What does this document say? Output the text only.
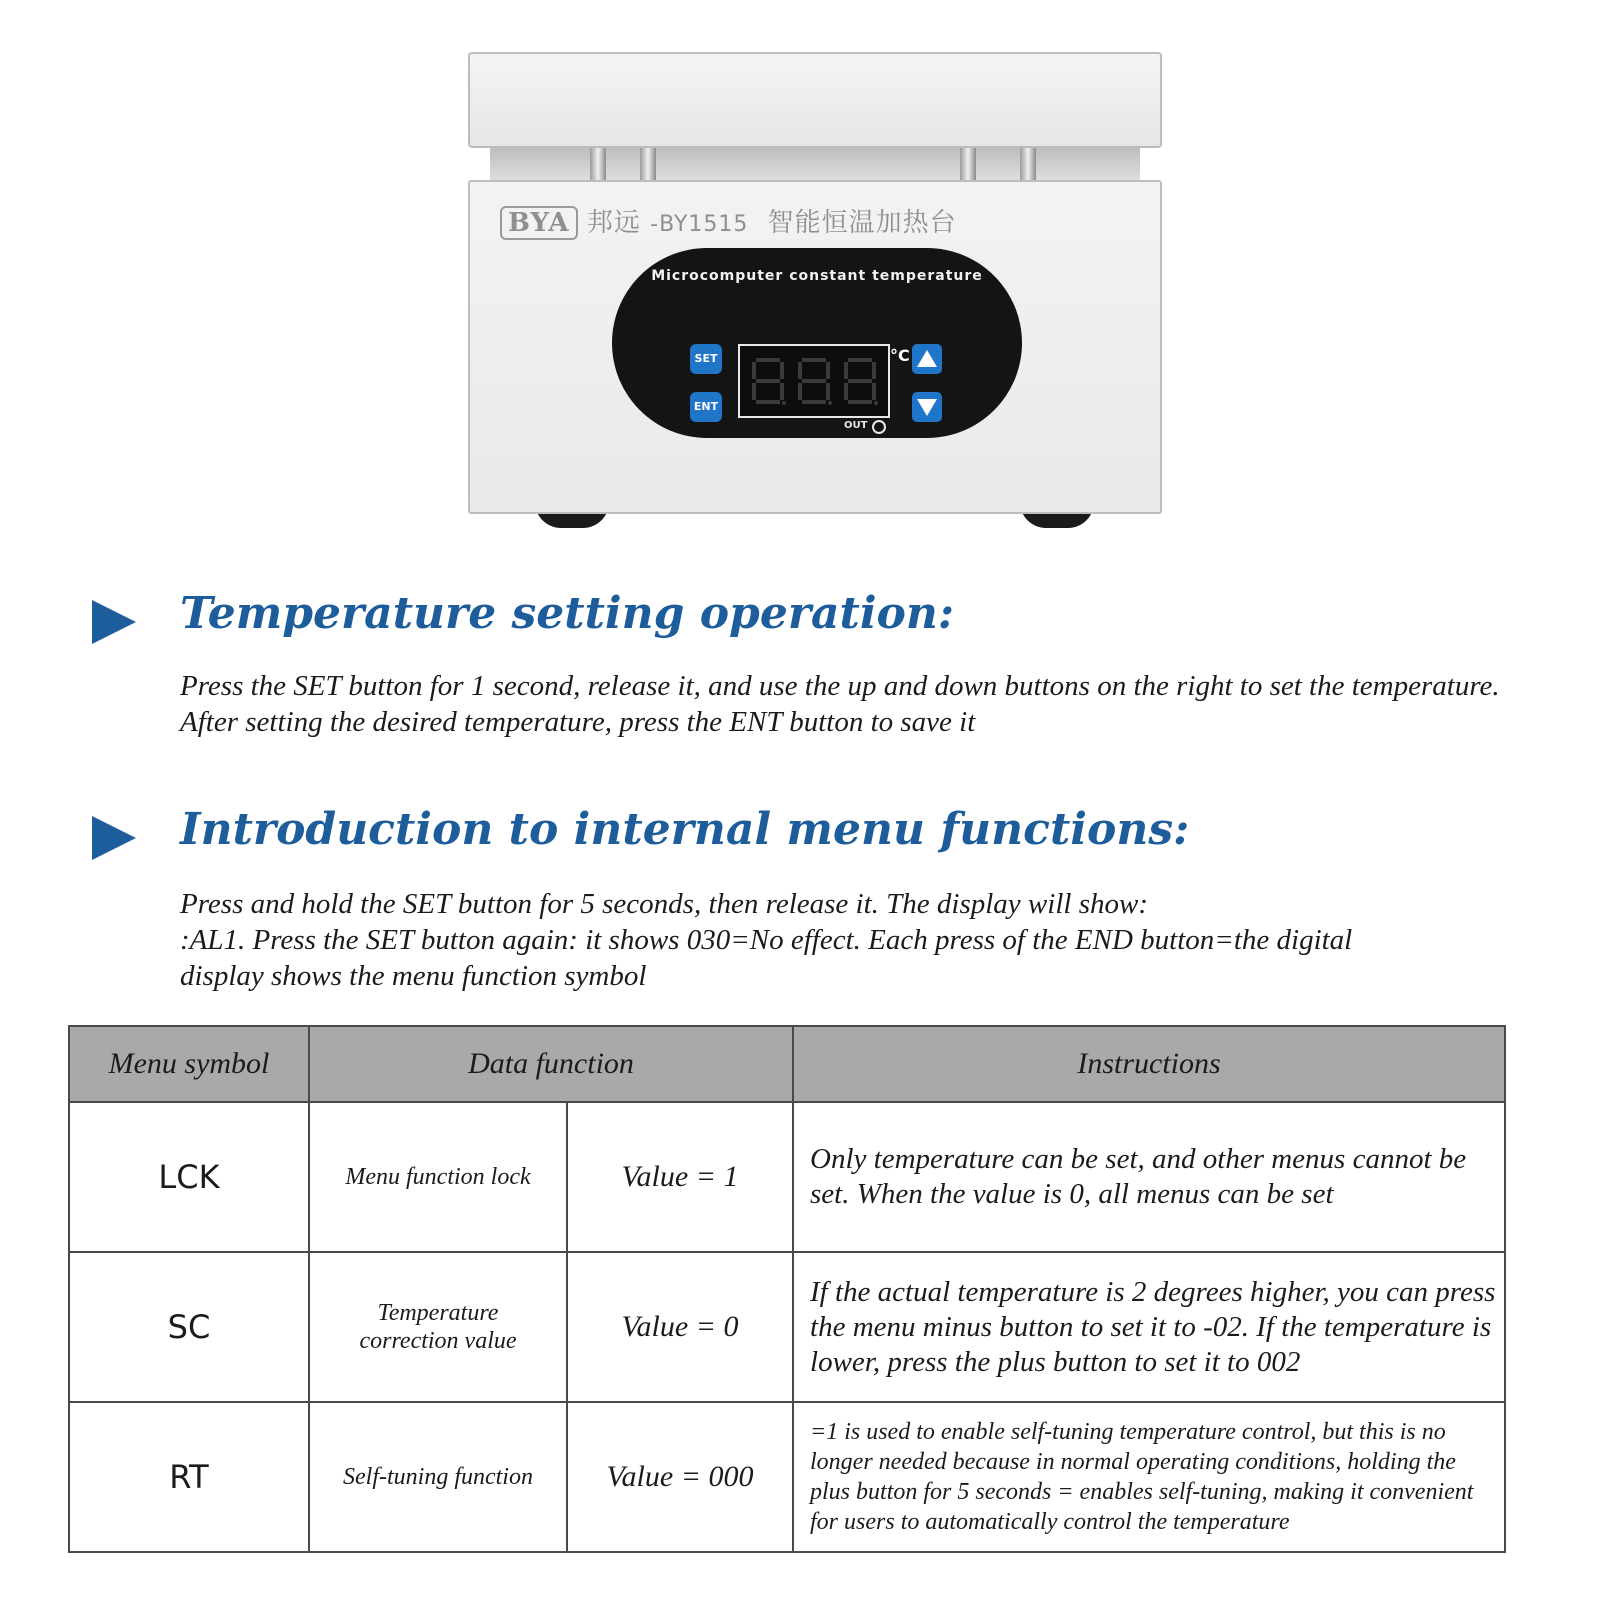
BYA 邦远 -BY1515 智能恒温加热台
Microcomputer constant temperature
SET
ENT
°C
OUT
Temperature setting operation:

Press the SET button for 1 second, release it, and use the up and down buttons on the right to set the temperature. After setting the desired temperature, press the ENT button to save it

Introduction to internal menu functions:
Press and hold the SET button for 5 seconds, then release it. The display will show:
:AL1. Press the SET button again: it shows 030=No effect. Each press of the END button=the digital
display shows the menu function symbol
Menu symbol	Data function		Instructions
LCK	Menu function lock	Value = 1	Only temperature can be set, and other menus cannot be set. When the value is 0, all menus can be set
SC	Temperature correction value	Value = 0	If the actual temperature is 2 degrees higher, you can press the menu minus button to set it to -02. If the temperature is lower, press the plus button to set it to 002
RT	Self-tuning function	Value = 000	=1 is used to enable self-tuning temperature control, but this is no longer needed because in normal operating conditions, holding the plus button for 5 seconds = enables self-tuning, making it convenient for users to automatically control the temperature
